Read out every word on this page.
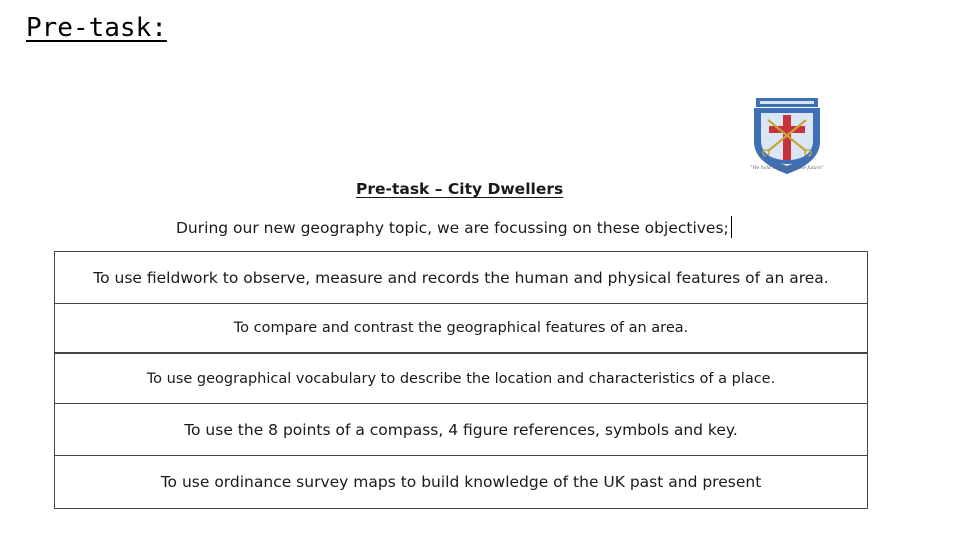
Pre-task:
"We hold the keys to the future"
Pre-task – City Dwellers
During our new geography topic, we are focussing on these objectives;
To use fieldwork to observe, measure and records the human and physical features of an area.
To compare and contrast the geographical features of an area.
To use geographical vocabulary to describe the location and characteristics of a place.
To use the 8 points of a compass, 4 figure references, symbols and key.
To use ordinance survey maps to build knowledge of the UK past and present
